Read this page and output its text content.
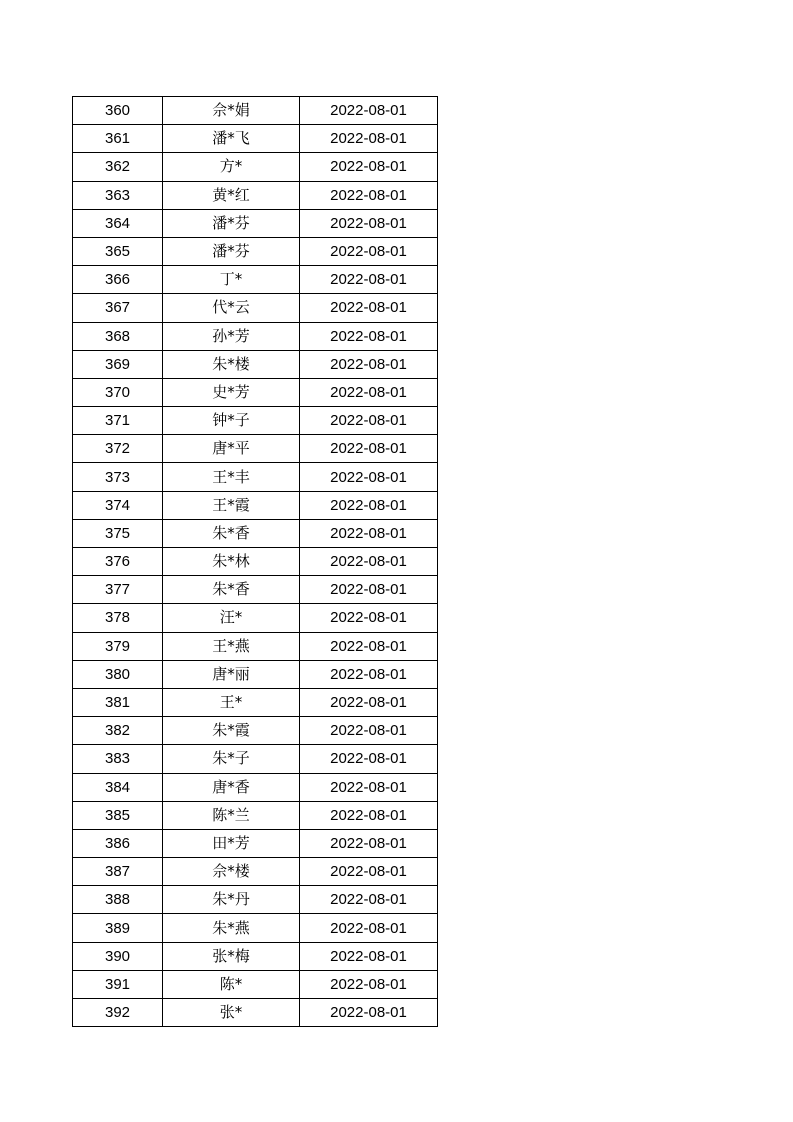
360	佘*娟	2022-08-01
361	潘*飞	2022-08-01
362	方*	2022-08-01
363	黄*红	2022-08-01
364	潘*芬	2022-08-01
365	潘*芬	2022-08-01
366	丁*	2022-08-01
367	代*云	2022-08-01
368	孙*芳	2022-08-01
369	朱*楼	2022-08-01
370	史*芳	2022-08-01
371	钟*子	2022-08-01
372	唐*平	2022-08-01
373	王*丰	2022-08-01
374	王*霞	2022-08-01
375	朱*香	2022-08-01
376	朱*林	2022-08-01
377	朱*香	2022-08-01
378	汪*	2022-08-01
379	王*燕	2022-08-01
380	唐*丽	2022-08-01
381	王*	2022-08-01
382	朱*霞	2022-08-01
383	朱*子	2022-08-01
384	唐*香	2022-08-01
385	陈*兰	2022-08-01
386	田*芳	2022-08-01
387	佘*楼	2022-08-01
388	朱*丹	2022-08-01
389	朱*燕	2022-08-01
390	张*梅	2022-08-01
391	陈*	2022-08-01
392	张*	2022-08-01
